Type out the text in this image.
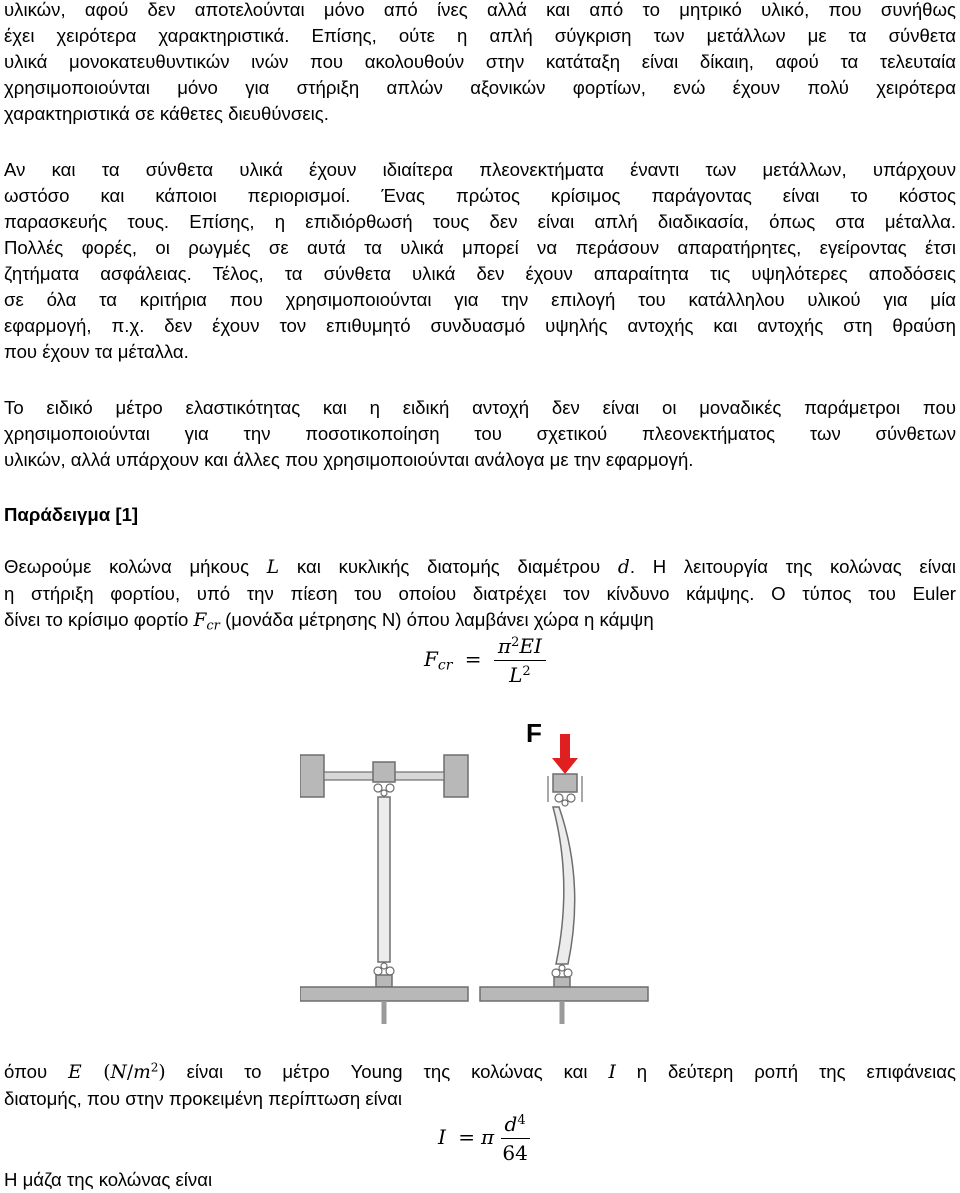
υλικών, αφού δεν αποτελούνται μόνο από ίνες αλλά και από το μητρικό υλικό, που συνήθως
έχει χειρότερα χαρακτηριστικά. Επίσης, ούτε η απλή σύγκριση των μετάλλων με τα σύνθετα
υλικά μονοκατευθυντικών ινών που ακολουθούν στην κατάταξη είναι δίκαιη, αφού τα τελευταία
χρησιμοποιούνται μόνο για στήριξη απλών αξονικών φορτίων, ενώ έχουν πολύ χειρότερα
χαρακτηριστικά σε κάθετες διευθύνσεις.
Αν και τα σύνθετα υλικά έχουν ιδιαίτερα πλεονεκτήματα έναντι των μετάλλων, υπάρχουν
ωστόσο και κάποιοι περιορισμοί. Ένας πρώτος κρίσιμος παράγοντας είναι το κόστος
παρασκευής τους. Επίσης, η επιδιόρθωσή τους δεν είναι απλή διαδικασία, όπως στα μέταλλα.
Πολλές φορές, οι ρωγμές σε αυτά τα υλικά μπορεί να περάσουν απαρατήρητες, εγείροντας έτσι
ζητήματα ασφάλειας. Τέλος, τα σύνθετα υλικά δεν έχουν απαραίτητα τις υψηλότερες αποδόσεις
σε όλα τα κριτήρια που χρησιμοποιούνται για την επιλογή του κατάλληλου υλικού για μία
εφαρμογή, π.χ. δεν έχουν τον επιθυμητό συνδυασμό υψηλής αντοχής και αντοχής στη θραύση
που έχουν τα μέταλλα.
Το ειδικό μέτρο ελαστικότητας και η ειδική αντοχή δεν είναι οι μοναδικές παράμετροι που
χρησιμοποιούνται για την ποσοτικοποίηση του σχετικού πλεονεκτήματος των σύνθετων
υλικών, αλλά υπάρχουν και άλλες που χρησιμοποιούνται ανάλογα με την εφαρμογή.
Παράδειγμα [1]
Θεωρούμε κολώνα μήκους L και κυκλικής διατομής διαμέτρου d. Η λειτουργία της κολώνας είναι
η στήριξη φορτίου, υπό την πίεση του οποίου διατρέχει τον κίνδυνο κάμψης. Ο τύπος του Euler
δίνει το κρίσιμο φορτίο $F_{cr}$ (μονάδα μέτρησης N) όπου λαμβάνει χώρα η κάμψη
$F_{cr} = \frac{\pi^2EI}{L^2}$
F
όπου E $(N/m^2)$ είναι το μέτρο Young της κολώνας και I η δεύτερη ροπή της επιφάνειας
διατομής, που στην προκειμένη περίπτωση είναι
I = π $\frac{d^4}{64}$
Η μάζα της κολώνας είναι
